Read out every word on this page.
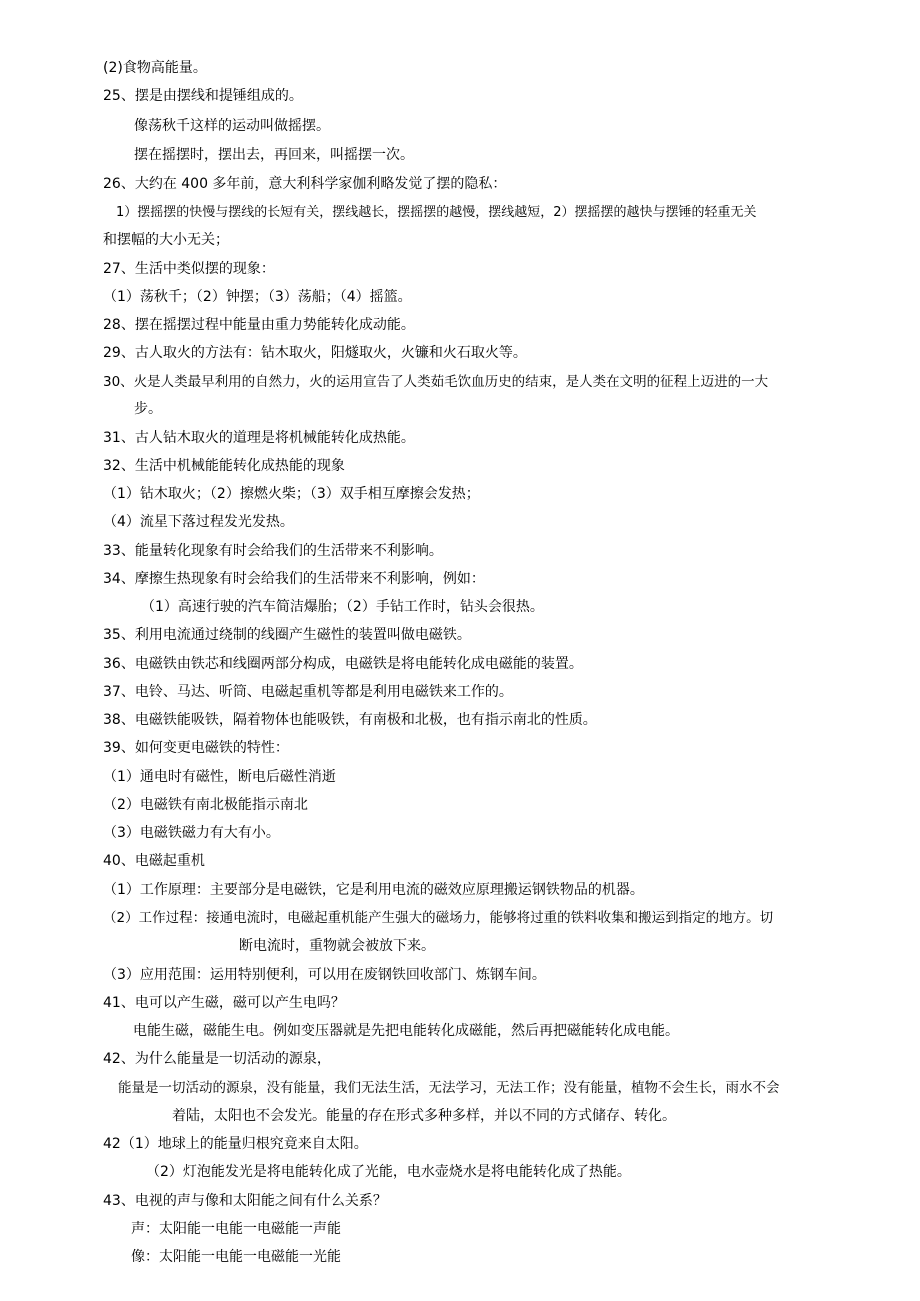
(2)食物高能量。
25、摆是由摆线和提锤组成的。
像荡秋千这样的运动叫做摇摆。
摆在摇摆时，摆出去，再回来，叫摇摆一次。
26、大约在 400 多年前，意大利科学家伽利略发觉了摆的隐私：
1）摆摇摆的快慢与摆线的长短有关，摆线越长，摆摇摆的越慢，摆线越短，2）摆摇摆的越快与摆锤的轻重无关
和摆幅的大小无关；
27、生活中类似摆的现象：
（1）荡秋千；（2）钟摆；（3）荡船；（4）摇篮。
28、摆在摇摆过程中能量由重力势能转化成动能。
29、古人取火的方法有：钻木取火，阳燧取火，火镰和火石取火等。
30、火是人类最早利用的自然力，火的运用宣告了人类茹毛饮血历史的结束，是人类在文明的征程上迈进的一大
步。
31、古人钻木取火的道理是将机械能转化成热能。
32、生活中机械能能转化成热能的现象
（1）钻木取火；（2）擦燃火柴；（3）双手相互摩擦会发热；
（4）流星下落过程发光发热。
33、能量转化现象有时会给我们的生活带来不利影响。
34、摩擦生热现象有时会给我们的生活带来不利影响，例如：
（1）高速行驶的汽车简洁爆胎；（2）手钻工作时，钻头会很热。
35、利用电流通过绕制的线圈产生磁性的装置叫做电磁铁。
36、电磁铁由铁芯和线圈两部分构成，电磁铁是将电能转化成电磁能的装置。
37、电铃、马达、听筒、电磁起重机等都是利用电磁铁来工作的。
38、电磁铁能吸铁，隔着物体也能吸铁，有南极和北极，也有指示南北的性质。
39、如何变更电磁铁的特性：
（1）通电时有磁性，断电后磁性消逝
（2）电磁铁有南北极能指示南北
（3）电磁铁磁力有大有小。
40、电磁起重机
（1）工作原理：主要部分是电磁铁，它是利用电流的磁效应原理搬运钢铁物品的机器。
（2）工作过程：接通电流时，电磁起重机能产生强大的磁场力，能够将过重的铁料收集和搬运到指定的地方。切
断电流时，重物就会被放下来。
（3）应用范围：运用特别便利，可以用在废钢铁回收部门、炼钢车间。
41、电可以产生磁，磁可以产生电吗？
电能生磁，磁能生电。例如变压器就是先把电能转化成磁能，然后再把磁能转化成电能。
42、为什么能量是一切活动的源泉，
能量是一切活动的源泉，没有能量，我们无法生活，无法学习，无法工作；没有能量，植物不会生长，雨水不会
着陆，太阳也不会发光。能量的存在形式多种多样，并以不同的方式储存、转化。
42（1）地球上的能量归根究竟来自太阳。
（2）灯泡能发光是将电能转化成了光能，电水壶烧水是将电能转化成了热能。
43、电视的声与像和太阳能之间有什么关系？
声：太阳能一电能一电磁能一声能
像：太阳能一电能一电磁能一光能
